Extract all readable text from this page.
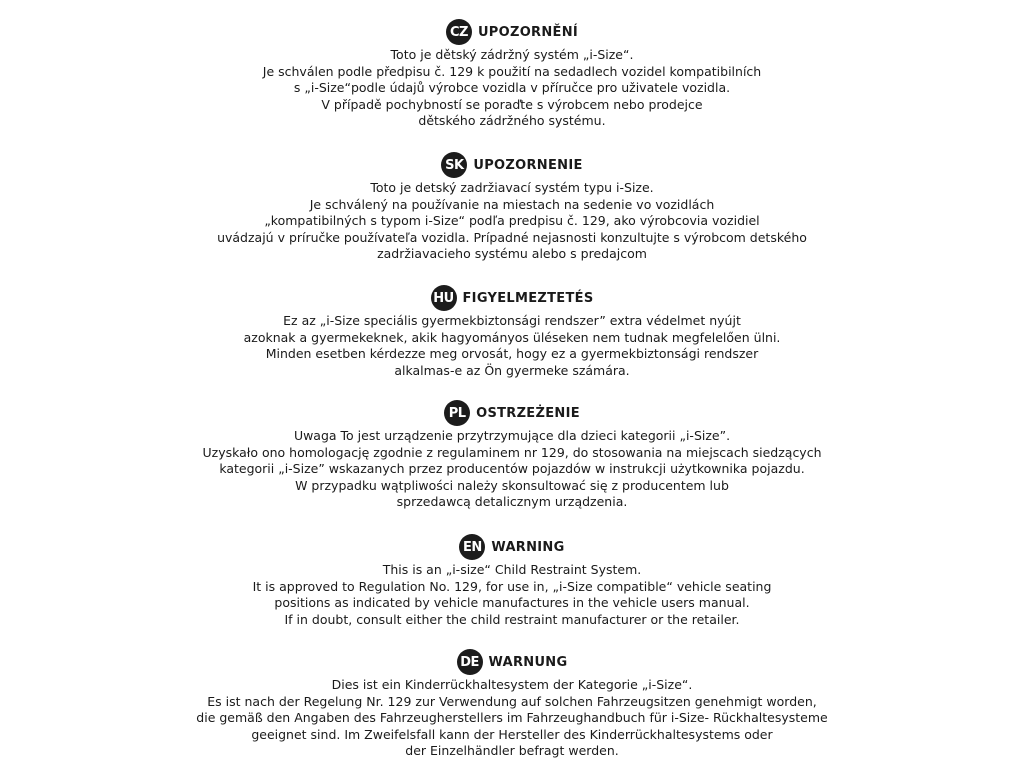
CZ UPOZORNĚNÍ
Toto je dětský zádržný systém „i-Size“.
Je schválen podle předpisu č. 129 k použití na sedadlech vozidel kompatibilních
s „i-Size“podle údajů výrobce vozidla v příručce pro uživatele vozidla.
V případě pochybností se poraďte s výrobcem nebo prodejce
dětského zádržného systému.
SK UPOZORNENIE
Toto je detský zadržiavací systém typu i-Size.
Je schválený na používanie na miestach na sedenie vo vozidlách
„kompatibilných s typom i-Size“ podľa predpisu č. 129, ako výrobcovia vozidiel
uvádzajú v príručke používateľa vozidla. Prípadné nejasnosti konzultujte s výrobcom detského
zadržiavacieho systému alebo s predajcom
HU FIGYELMEZTETÉS
Ez az „i-Size speciális gyermekbiztonsági rendszer” extra védelmet nyújt
azoknak a gyermekeknek, akik hagyományos üléseken nem tudnak megfelelően ülni.
Minden esetben kérdezze meg orvosát, hogy ez a gyermekbiztonsági rendszer
alkalmas-e az Ön gyermeke számára.
PL OSTRZEŻENIE
Uwaga To jest urządzenie przytrzymujące dla dzieci kategorii „i-Size”.
Uzyskało ono homologację zgodnie z regulaminem nr 129, do stosowania na miejscach siedzących
kategorii „i-Size” wskazanych przez producentów pojazdów w instrukcji użytkownika pojazdu.
W przypadku wątpliwości należy skonsultować się z producentem lub
sprzedawcą detalicznym urządzenia.
EN WARNING
This is an „i-size“ Child Restraint System.
It is approved to Regulation No. 129, for use in, „i-Size compatible“ vehicle seating
positions as indicated by vehicle manufactures in the vehicle users manual.
If in doubt, consult either the child restraint manufacturer or the retailer.
DE WARNUNG
Dies ist ein Kinderrückhaltesystem der Kategorie „i-Size“.
Es ist nach der Regelung Nr. 129 zur Verwendung auf solchen Fahrzeugsitzen genehmigt worden,
die gemäß den Angaben des Fahrzeugherstellers im Fahrzeughandbuch für i-Size- Rückhaltesysteme
geeignet sind. Im Zweifelsfall kann der Hersteller des Kinderrückhaltesystems oder
der Einzelhändler befragt werden.
